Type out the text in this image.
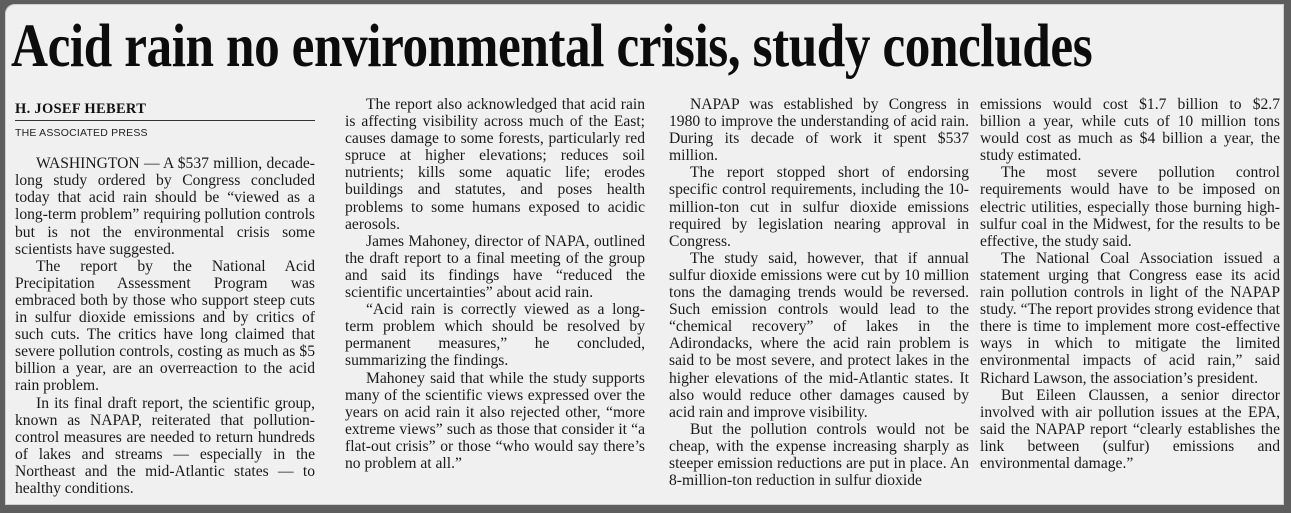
Acid rain no environmental crisis, study concludes
H. JOSEF HEBERT
THE ASSOCIATED PRESS

WASHINGTON — A $537 million, decade-long study ordered by Congress concluded today that acid rain should be “viewed as a long-term problem” requiring pollution controls but is not the environmental crisis some scientists have suggested.

The report by the National Acid Precipitation Assessment Program was embraced both by those who support steep cuts in sulfur dioxide emissions and by critics of such cuts. The critics have long claimed that severe pollution controls, costing as much as $5 billion a year, are an overreaction to the acid rain problem.

In its final draft report, the scientific group, known as NAPAP, reiterated that pollution-control measures are needed to return hundreds of lakes and streams — especially in the Northeast and the mid-Atlantic states — to healthy conditions.

The report also acknowledged that acid rain is affecting visibility across much of the East; causes damage to some forests, particularly red spruce at higher elevations; reduces soil nutrients; kills some aquatic life; erodes buildings and statutes, and poses health problems to some humans exposed to acidic aerosols.

James Mahoney, director of NAPA, outlined the draft report to a final meeting of the group and said its findings have “reduced the scientific uncertainties” about acid rain.

“Acid rain is correctly viewed as a long-term problem which should be resolved by permanent measures,” he concluded, summarizing the findings.

Mahoney said that while the study supports many of the scientific views expressed over the years on acid rain it also rejected other, “more extreme views” such as those that consider it “a flat-out crisis” or those “who would say there’s no problem at all.”

NAPAP was established by Congress in 1980 to improve the understanding of acid rain. During its decade of work it spent $537 million.

The report stopped short of endorsing specific control requirements, including the 10-million-ton cut in sulfur dioxide emissions required by legislation nearing approval in Congress.

The study said, however, that if annual sulfur dioxide emissions were cut by 10 million tons the damaging trends would be reversed. Such emission controls would lead to the “chemical recovery” of lakes in the Adirondacks, where the acid rain problem is said to be most severe, and protect lakes in the higher elevations of the mid-Atlantic states. It also would reduce other damages caused by acid rain and improve visibility.

But the pollution controls would not be cheap, with the expense increasing sharply as steeper emission reductions are put in place. An 8-million-ton reduction in sulfur dioxide

emissions would cost $1.7 billion to $2.7 billion a year, while cuts of 10 million tons would cost as much as $4 billion a year, the study estimated.

The most severe pollution control requirements would have to be imposed on electric utilities, especially those burning high-sulfur coal in the Midwest, for the results to be effective, the study said.

The National Coal Association issued a statement urging that Congress ease its acid rain pollution controls in light of the NAPAP study. “The report provides strong evidence that there is time to implement more cost-effective ways in which to mitigate the limited environmental impacts of acid rain,” said Richard Lawson, the association’s president.

But Eileen Claussen, a senior director involved with air pollution issues at the EPA, said the NAPAP report “clearly establishes the link between (sulfur) emissions and environmental damage.”
